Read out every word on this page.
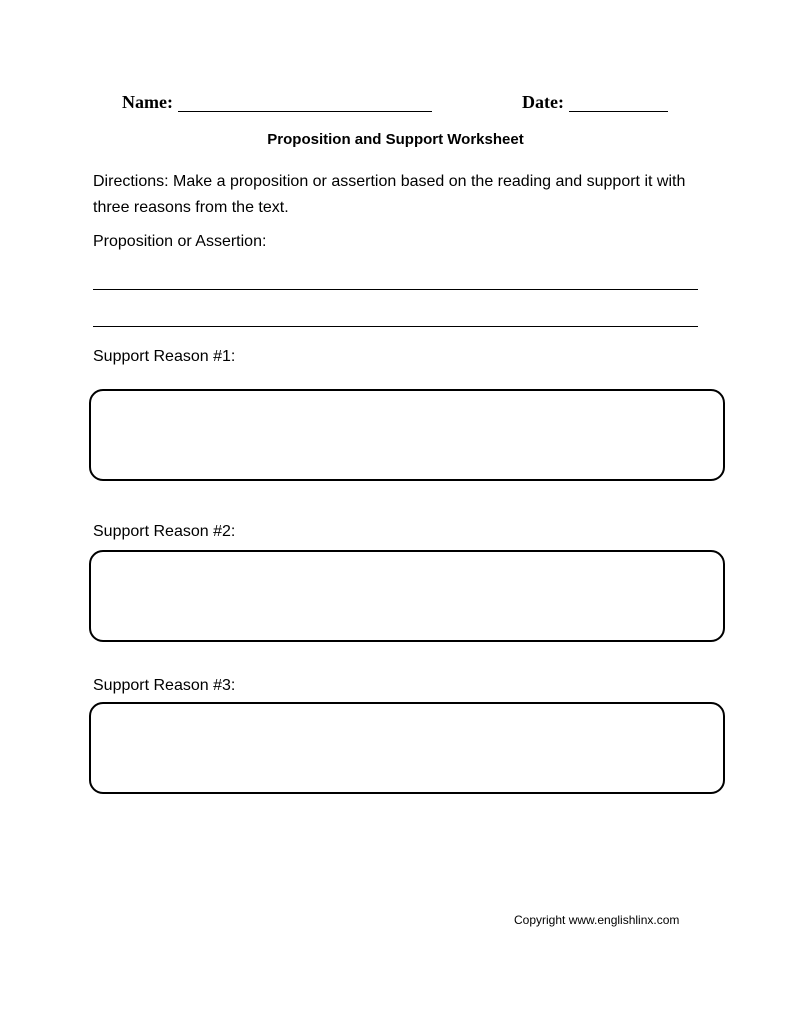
Name:	Date:
Proposition and Support Worksheet
Directions: Make a proposition or assertion based on the reading and support it with three reasons from the text.
Proposition or Assertion:
Support Reason #1:
Support Reason #2:
Support Reason #3:
Copyright www.englishlinx.com
